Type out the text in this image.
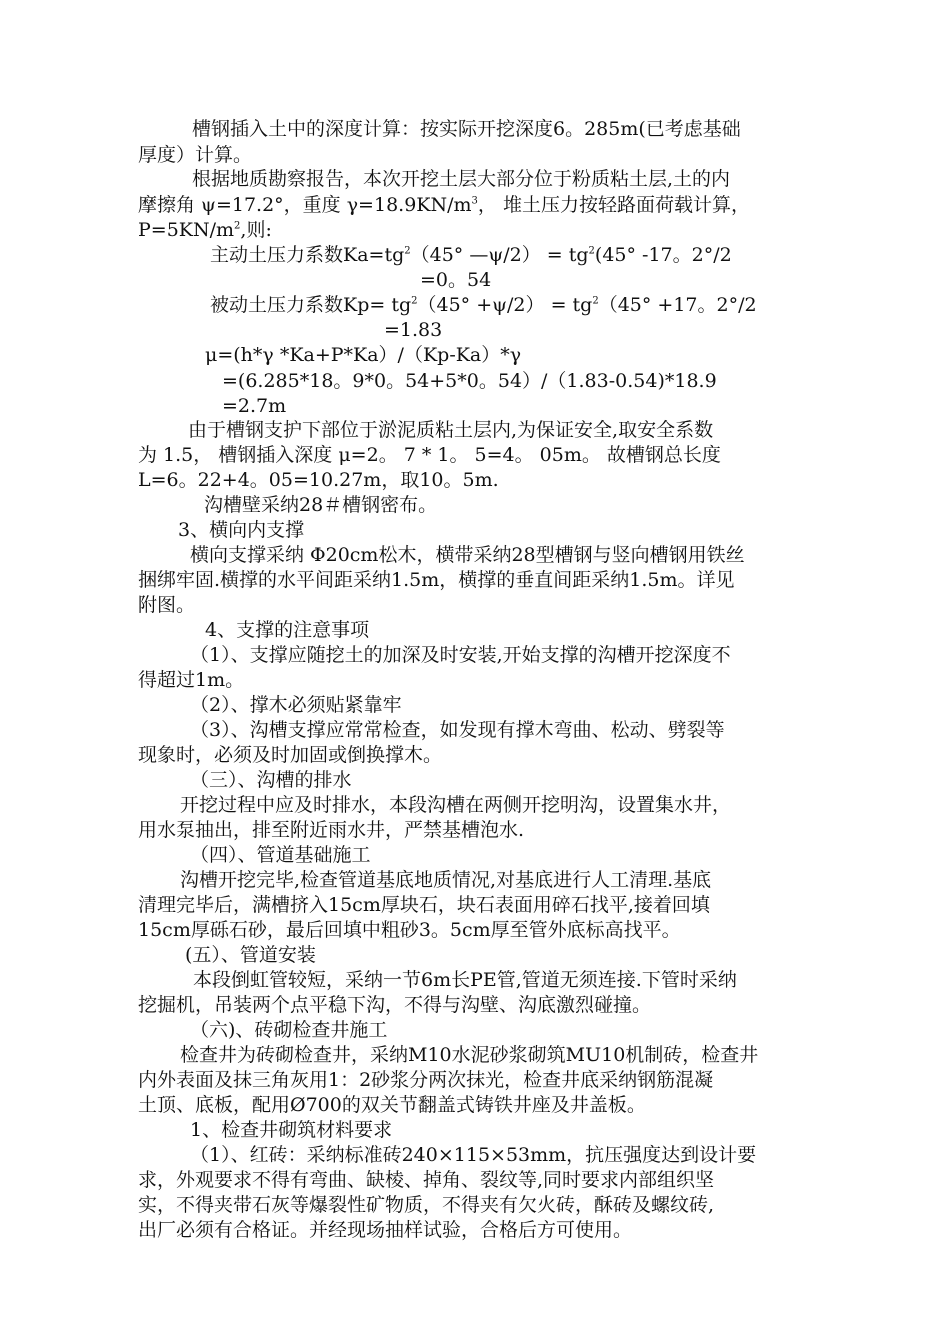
槽钢插入土中的深度计算：按实际开挖深度6。285m(已考虑基础
厚度）计算。
根据地质勘察报告，本次开挖土层大部分位于粉质粘土层,土的内
摩擦角 ψ=17.2°，重度 $\gamma=18.9KN/m^3$， 堆土压力按轻路面荷载计算，
$P=5KN/m^2$,则:
主动土压力系数$Ka=tg^2(45^\circ$ —ψ/2） = $tg^2(45^\circ$ -17。2°/2
=0。54
被动土压力系数$Kp= tg^2(45^\circ +\psi/2) = tg^2(45^\circ +17$。2°/2
=1.83
μ=(h*γ *Ka+P*Ka）/（Kp-Ka）*γ
=(6.285*18。9*0。54+5*0。54）/（1.83-0.54)*18.9
=2.7m
由于槽钢支护下部位于淤泥质粘土层内,为保证安全,取安全系数
为 1.5， 槽钢插入深度 μ=2。 7 * 1。 5=4。 05m。 故槽钢总长度
L=6。22+4。05=10.27m，取10。5m.
沟槽壁采纳28＃槽钢密布。
3、横向内支撑
横向支撑采纳 Φ20cm松木，横带采纳28型槽钢与竖向槽钢用铁丝
捆绑牢固.横撑的水平间距采纳1.5m，横撑的垂直间距采纳1.5m。详见
附图。
4、支撑的注意事项
（1）、支撑应随挖土的加深及时安装,开始支撑的沟槽开挖深度不
得超过1m。
（2）、撑木必须贴紧靠牢
（3）、沟槽支撑应常常检查，如发现有撑木弯曲、松动、劈裂等
现象时，必须及时加固或倒换撑木。
（三）、沟槽的排水
开挖过程中应及时排水，本段沟槽在两侧开挖明沟，设置集水井，
用水泵抽出，排至附近雨水井，严禁基槽泡水.
（四）、管道基础施工
沟槽开挖完毕,检查管道基底地质情况,对基底进行人工清理.基底
清理完毕后，满槽挤入15cm厚块石，块石表面用碎石找平,接着回填
15cm厚砾石砂，最后回填中粗砂3。5cm厚至管外底标高找平。
(五）、管道安装
本段倒虹管较短，采纳一节6m长PE管,管道无须连接.下管时采纳
挖掘机，吊装两个点平稳下沟，不得与沟壁、沟底激烈碰撞。
（六)、砖砌检查井施工
检查井为砖砌检查井，采纳M10水泥砂浆砌筑MU10机制砖，检查井
内外表面及抹三角灰用1：2砂浆分两次抹光，检查井底采纳钢筋混凝
土顶、底板，配用Ø700的双关节翻盖式铸铁井座及井盖板。
1、检查井砌筑材料要求
（1）、红砖：采纳标准砖240×115×53mm，抗压强度达到设计要
求，外观要求不得有弯曲、缺棱、掉角、裂纹等,同时要求内部组织坚
实，不得夹带石灰等爆裂性矿物质，不得夹有欠火砖，酥砖及螺纹砖,
出厂必须有合格证。并经现场抽样试验，合格后方可使用。
